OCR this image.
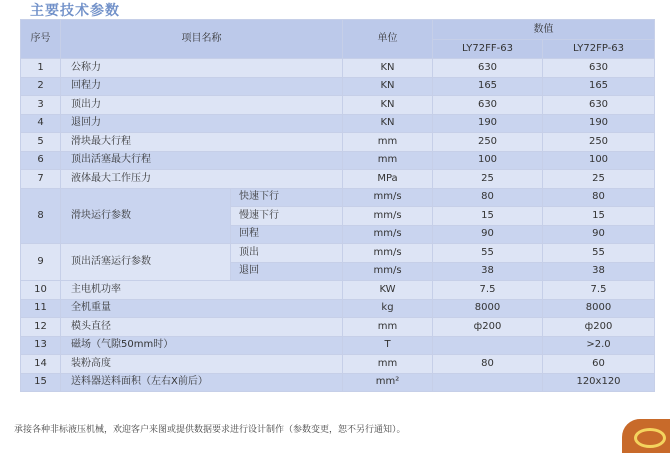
主要技术参数
序号	项目名称		单位	数值	
				LY72FF-63	LY72FP-63
1	公称力		KN	630	630
2	回程力		KN	165	165
3	顶出力		KN	630	630
4	退回力		KN	190	190
5	滑块最大行程		mm	250	250
6	顶出活塞最大行程		mm	100	100
7	液体最大工作压力		MPa	25	25
8	滑块运行参数	快速下行	mm/s	80	80
		慢速下行	mm/s	15	15
		回程	mm/s	90	90
9	顶出活塞运行参数	顶出	mm/s	55	55
		退回	mm/s	38	38
10	主电机功率		KW	7.5	7.5
11	全机重量		kg	8000	8000
12	模头直径		mm	ф200	ф200
13	磁场（气隙50mm时）		T		>2.0
14	装粉高度		mm	80	60
15	送料器送料面积（左右X前后）		mm²		120x120
承接各种非标液压机械，欢迎客户来图或提供数据要求进行设计制作（参数变更，恕不另行通知）。
